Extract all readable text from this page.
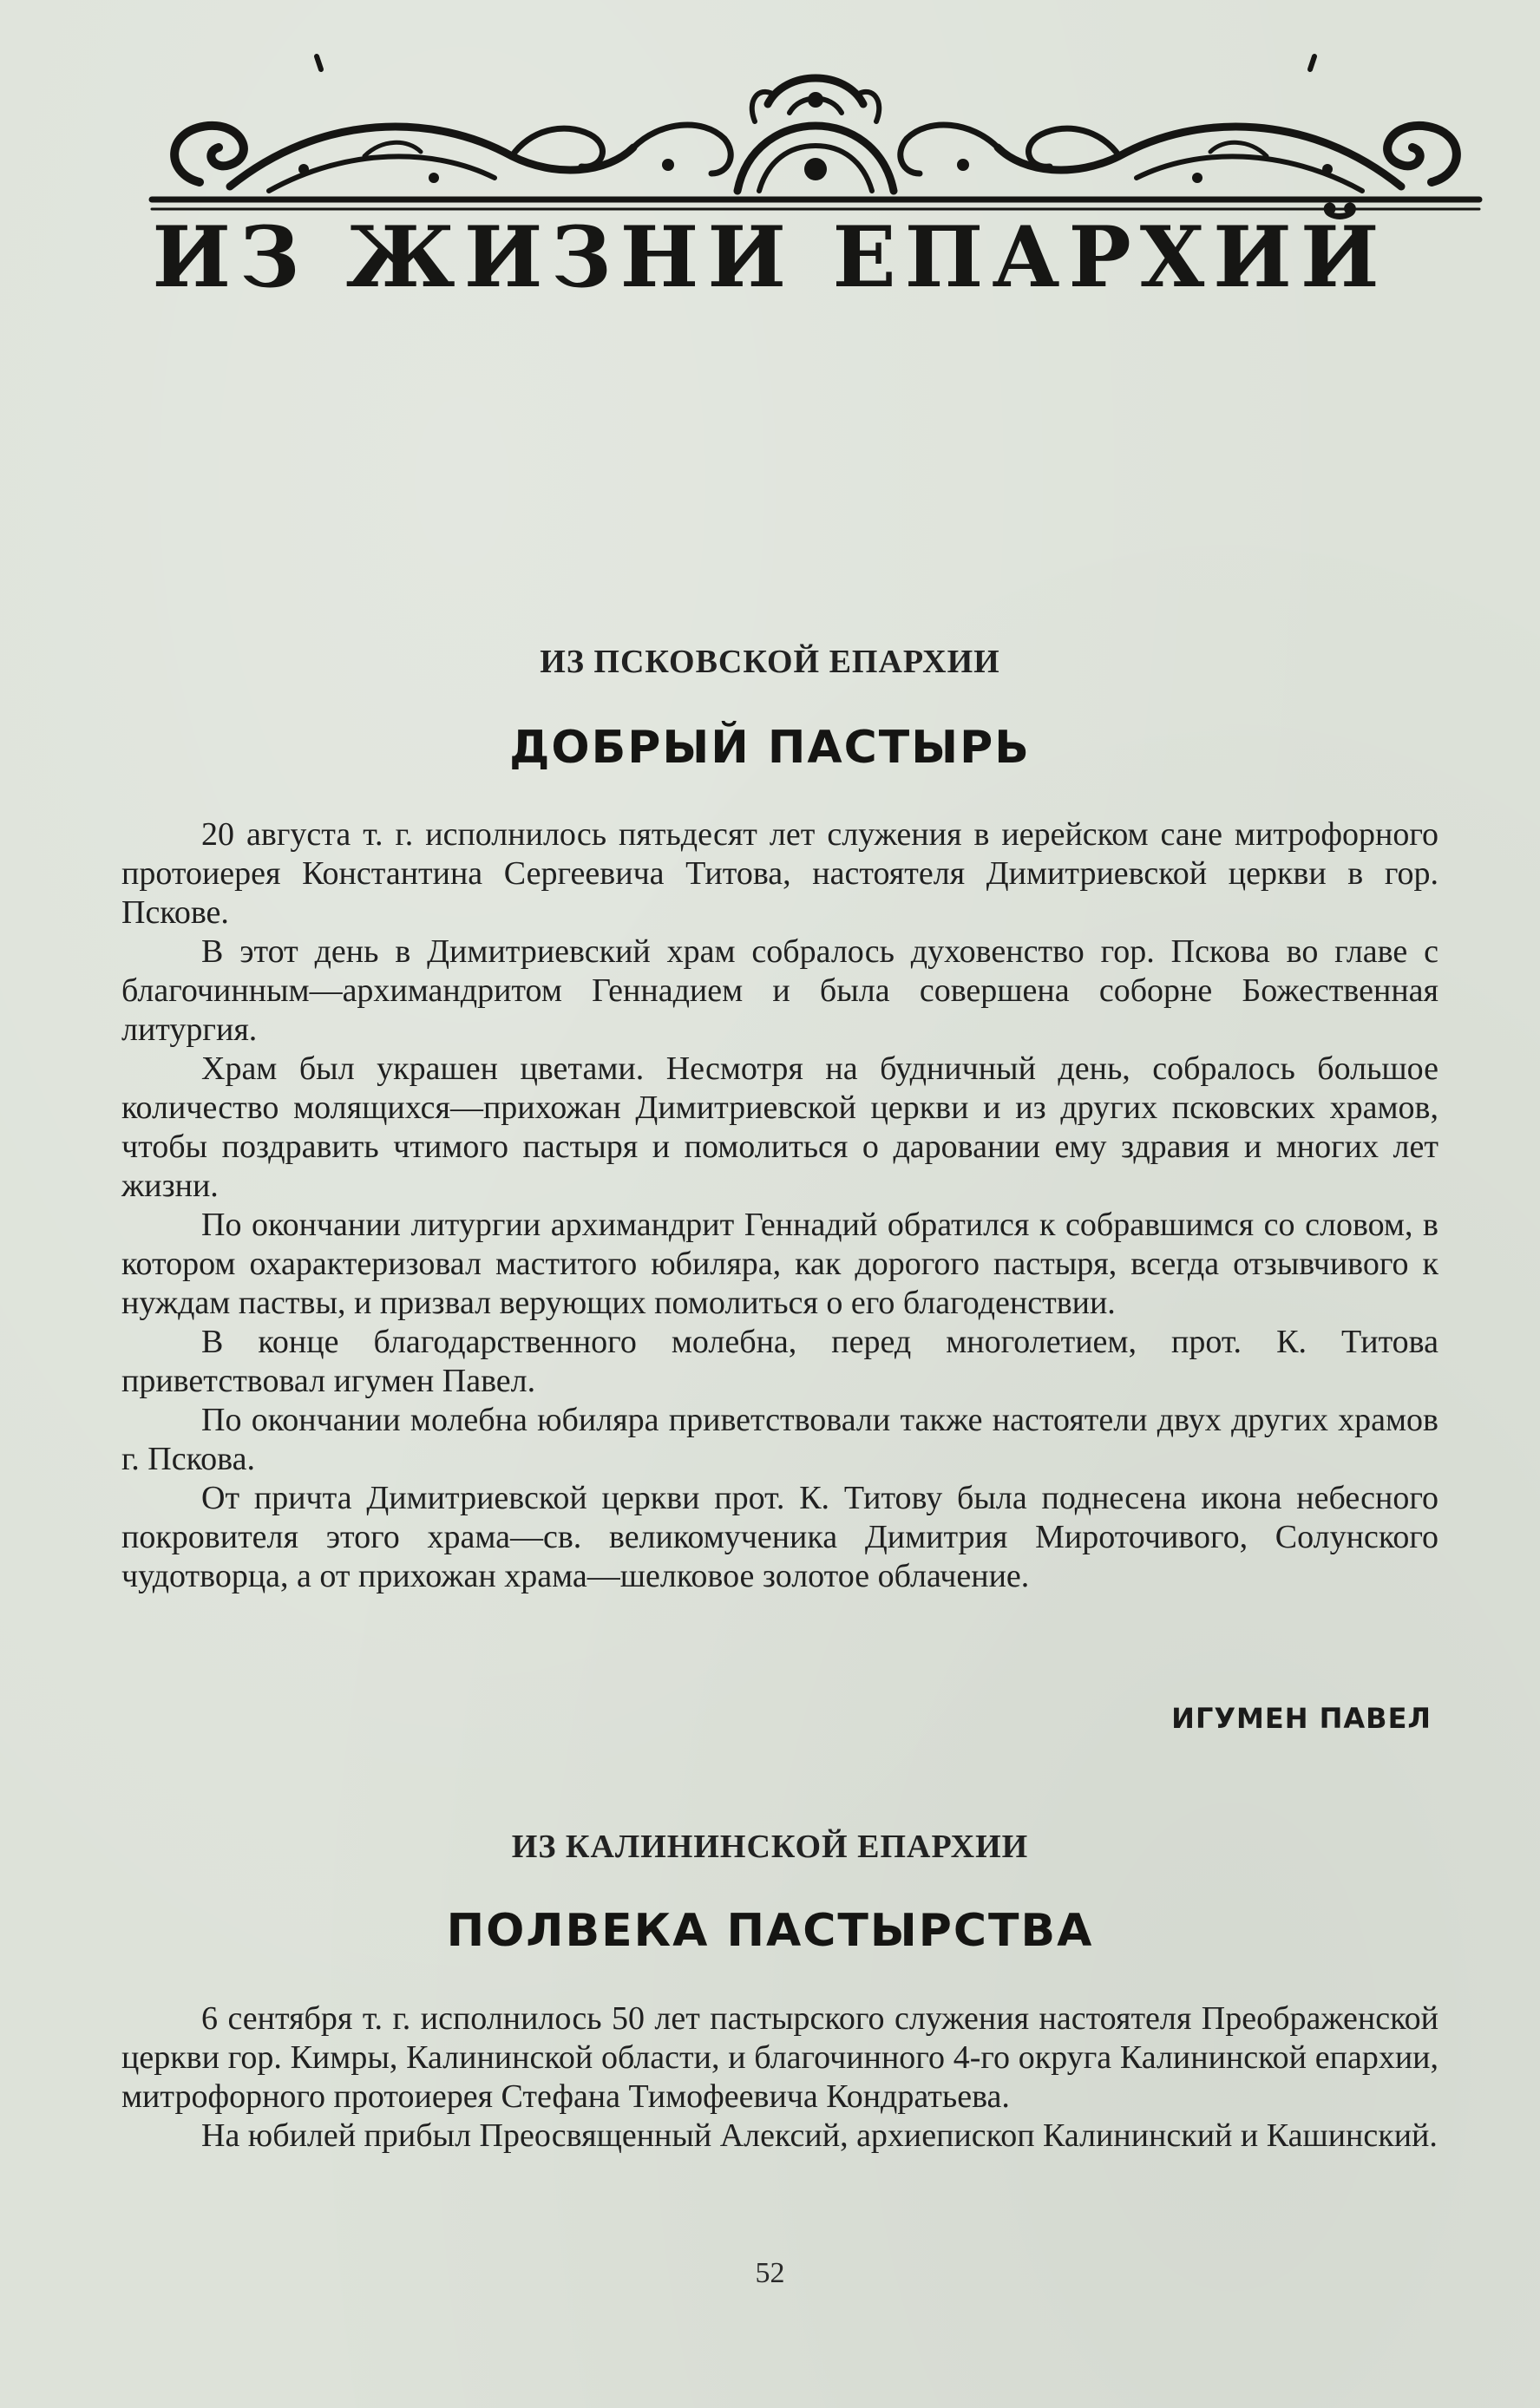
ИЗ ЖИЗНИ ЕПАРХИЙ
ИЗ ПСКОВСКОЙ ЕПАРХИИ
ДОБРЫЙ ПАСТЫРЬ

20 августа т. г. исполнилось пятьдесят лет служения в иерейском сане митрофорного протоиерея Константина Сергеевича Титова, настоятеля Димитриевской церкви в гор. Пскове.

В этот день в Димитриевский храм собралось духовенство гор. Пскова во главе с благочинным—архимандритом Геннадием и была совершена соборне Божественная литургия.

Храм был украшен цветами. Несмотря на будничный день, собралось большое количество молящихся—прихожан Димитриевской церкви и из других псковских храмов, чтобы поздравить чтимого пастыря и помолиться о даровании ему здравия и многих лет жизни.

По окончании литургии архимандрит Геннадий обратился к собравшимся со словом, в котором охарактеризовал маститого юбиляра, как дорогого пастыря, всегда отзывчивого к нуждам паствы, и призвал верующих помолиться о его благоденствии.

В конце благодарственного молебна, перед многолетием, прот. К. Титова приветствовал игумен Павел.

По окончании молебна юбиляра приветствовали также настоятели двух других храмов г. Пскова.

От причта Димитриевской церкви прот. К. Титову была поднесена икона небесного покровителя этого храма—св. великомученика Димитрия Мироточивого, Солунского чудотворца, а от прихожан храма—шелковое золотое облачение.

ИГУМЕН ПАВЕЛ
ИЗ КАЛИНИНСКОЙ ЕПАРХИИ
ПОЛВЕКА ПАСТЫРСТВА

6 сентября т. г. исполнилось 50 лет пастырского служения настоятеля Преображенской церкви гор. Кимры, Калининской области, и благочинного 4-го округа Калининской епархии, митрофорного протоиерея Стефана Тимофеевича Кондратьева.

На юбилей прибыл Преосвященный Алексий, архиепископ Калининский и Кашинский.

52
